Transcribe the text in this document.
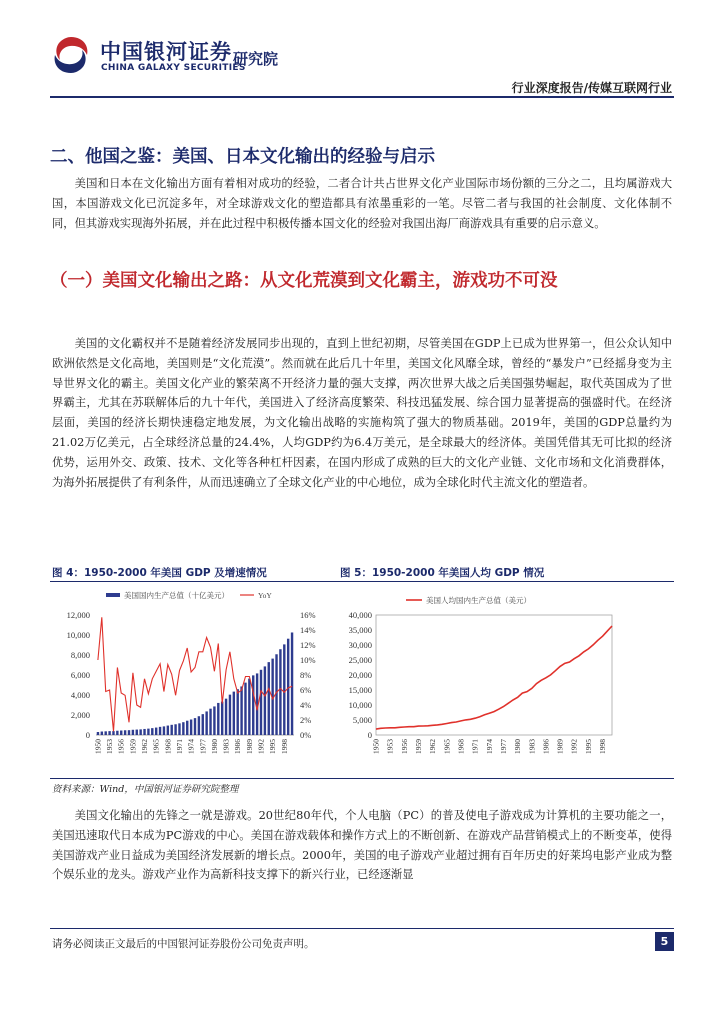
中国银河证券
CHINA GALAXY SECURITIES
研究院
行业深度报告/传媒互联网行业
二、他国之鉴：美国、日本文化输出的经验与启示

美国和日本在文化输出方面有着相对成功的经验，二者合计共占世界文化产业国际市场份额的三分之二，且均属游戏大国，本国游戏文化已沉淀多年，对全球游戏文化的塑造都具有浓墨重彩的一笔。尽管二者与我国的社会制度、文化体制不同，但其游戏实现海外拓展，并在此过程中积极传播本国文化的经验对我国出海厂商游戏具有重要的启示意义。

（一）美国文化输出之路：从文化荒漠到文化霸主，游戏功不可没

美国的文化霸权并不是随着经济发展同步出现的，直到上世纪初期，尽管美国在GDP上已成为世界第一，但公众认知中欧洲依然是文化高地，美国则是“文化荒漠”。然而就在此后几十年里，美国文化风靡全球，曾经的“暴发户”已经摇身变为主导世界文化的霸主。美国文化产业的繁荣离不开经济力量的强大支撑，两次世界大战之后美国强势崛起，取代英国成为了世界霸主，尤其在苏联解体后的九十年代，美国进入了经济高度繁荣、科技迅猛发展、综合国力显著提高的强盛时代。在经济层面，美国的经济长期快速稳定地发展，为文化输出战略的实施构筑了强大的物质基础。2019年，美国的GDP总量约为21.02万亿美元，占全球经济总量的24.4%，人均GDP约为6.4万美元，是全球最大的经济体。美国凭借其无可比拟的经济优势，运用外交、政策、技术、文化等各种杠杆因素，在国内形成了成熟的巨大的文化产业链、文化市场和文化消费群体，为海外拓展提供了有利条件，从而迅速确立了全球文化产业的中心地位，成为全球化时代主流文化的塑造者。

图 4：1950-2000 年美国 GDP 及增速情况	图 5：1950-2000 年美国人均 GDP 情况
美国国内生产总值（十亿美元）	YoY
0
2,000
4,000
6,000
8,000
10,000
12,000
0%
2%
4%
6%
8%
10%
12%
14%
16%
1950 1953 1956 1959 1962 1965 1968 1971 1974 1977 1980 1983 1986 1989 1992 1995 1998
美国人均国内生产总值（美元）
0
5,000
10,000
15,000
20,000
25,000
30,000
35,000
40,000
1950 1953 1956 1959 1962 1965 1968 1971 1974 1977 1980 1983 1986 1989 1992 1995 1998
资料来源：Wind，中国银河证券研究院整理

美国文化输出的先锋之一就是游戏。20世纪80年代，个人电脑（PC）的普及使电子游戏成为计算机的主要功能之一，美国迅速取代日本成为PC游戏的中心。美国在游戏载体和操作方式上的不断创新、在游戏产品营销模式上的不断变革，使得美国游戏产业日益成为美国经济发展新的增长点。2000年，美国的电子游戏产业超过拥有百年历史的好莱坞电影产业成为整个娱乐业的龙头。游戏产业作为高新科技支撑下的新兴行业，已经逐渐显

请务必阅读正文最后的中国银河证券股份公司免责声明。	5
